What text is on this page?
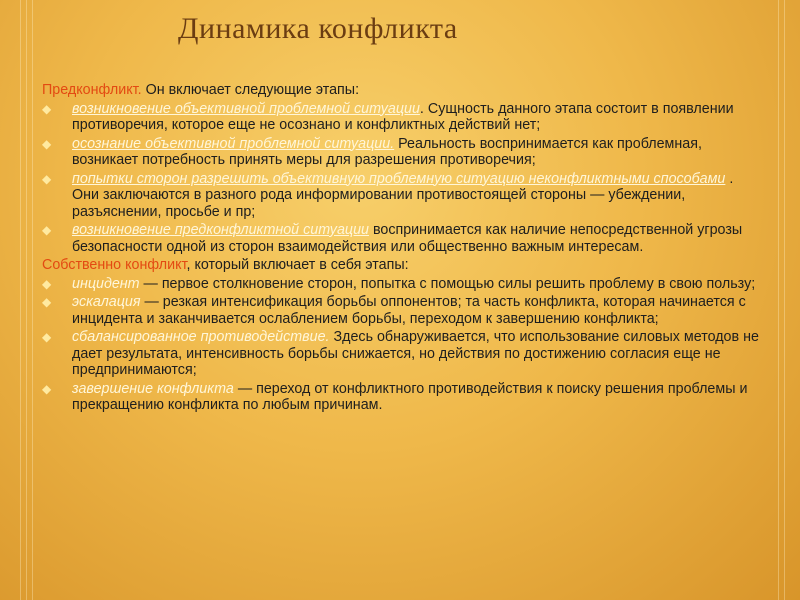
Динамика конфликта

Предконфликт. Он включает следующие этапы:

◆	возникновение объективной проблемной ситуации. Сущность данного этапа состоит в появлении противоречия, которое еще не осознано и конфликтных действий нет;
◆	осознание объективной проблемной ситуации. Реальность воспринимается как проблемная, возникает потребность принять меры для разрешения противоречия;
◆	попытки сторон разрешить объективную проблемную ситуацию неконфликтными способами . Они заключаются в разного рода информировании противостоящей стороны — убеждении, разъяснении, просьбе и пр;
◆	возникновение предконфликтной ситуации воспринимается как наличие непосредственной угрозы безопасности одной из сторон взаимодействия или общественно важным интересам.

Собственно конфликт, который включает в себя этапы:

◆	инцидент — первое столкновение сторон, попытка с помощью силы решить проблему в свою пользу;
◆	эскалация — резкая интенсификация борьбы оппонентов; та часть конфликта, которая начинается с инцидента и заканчивается ослаблением борьбы, переходом к завершению конфликта;
◆	сбалансированное противодействие. Здесь обнаруживается, что использование силовых методов не дает результата, интенсивность борьбы снижается, но действия по достижению согласия еще не предпринимаются;
◆	завершение конфликта — переход от конфликтного противодействия к поиску решения проблемы и прекращению конфликта по любым причинам.
